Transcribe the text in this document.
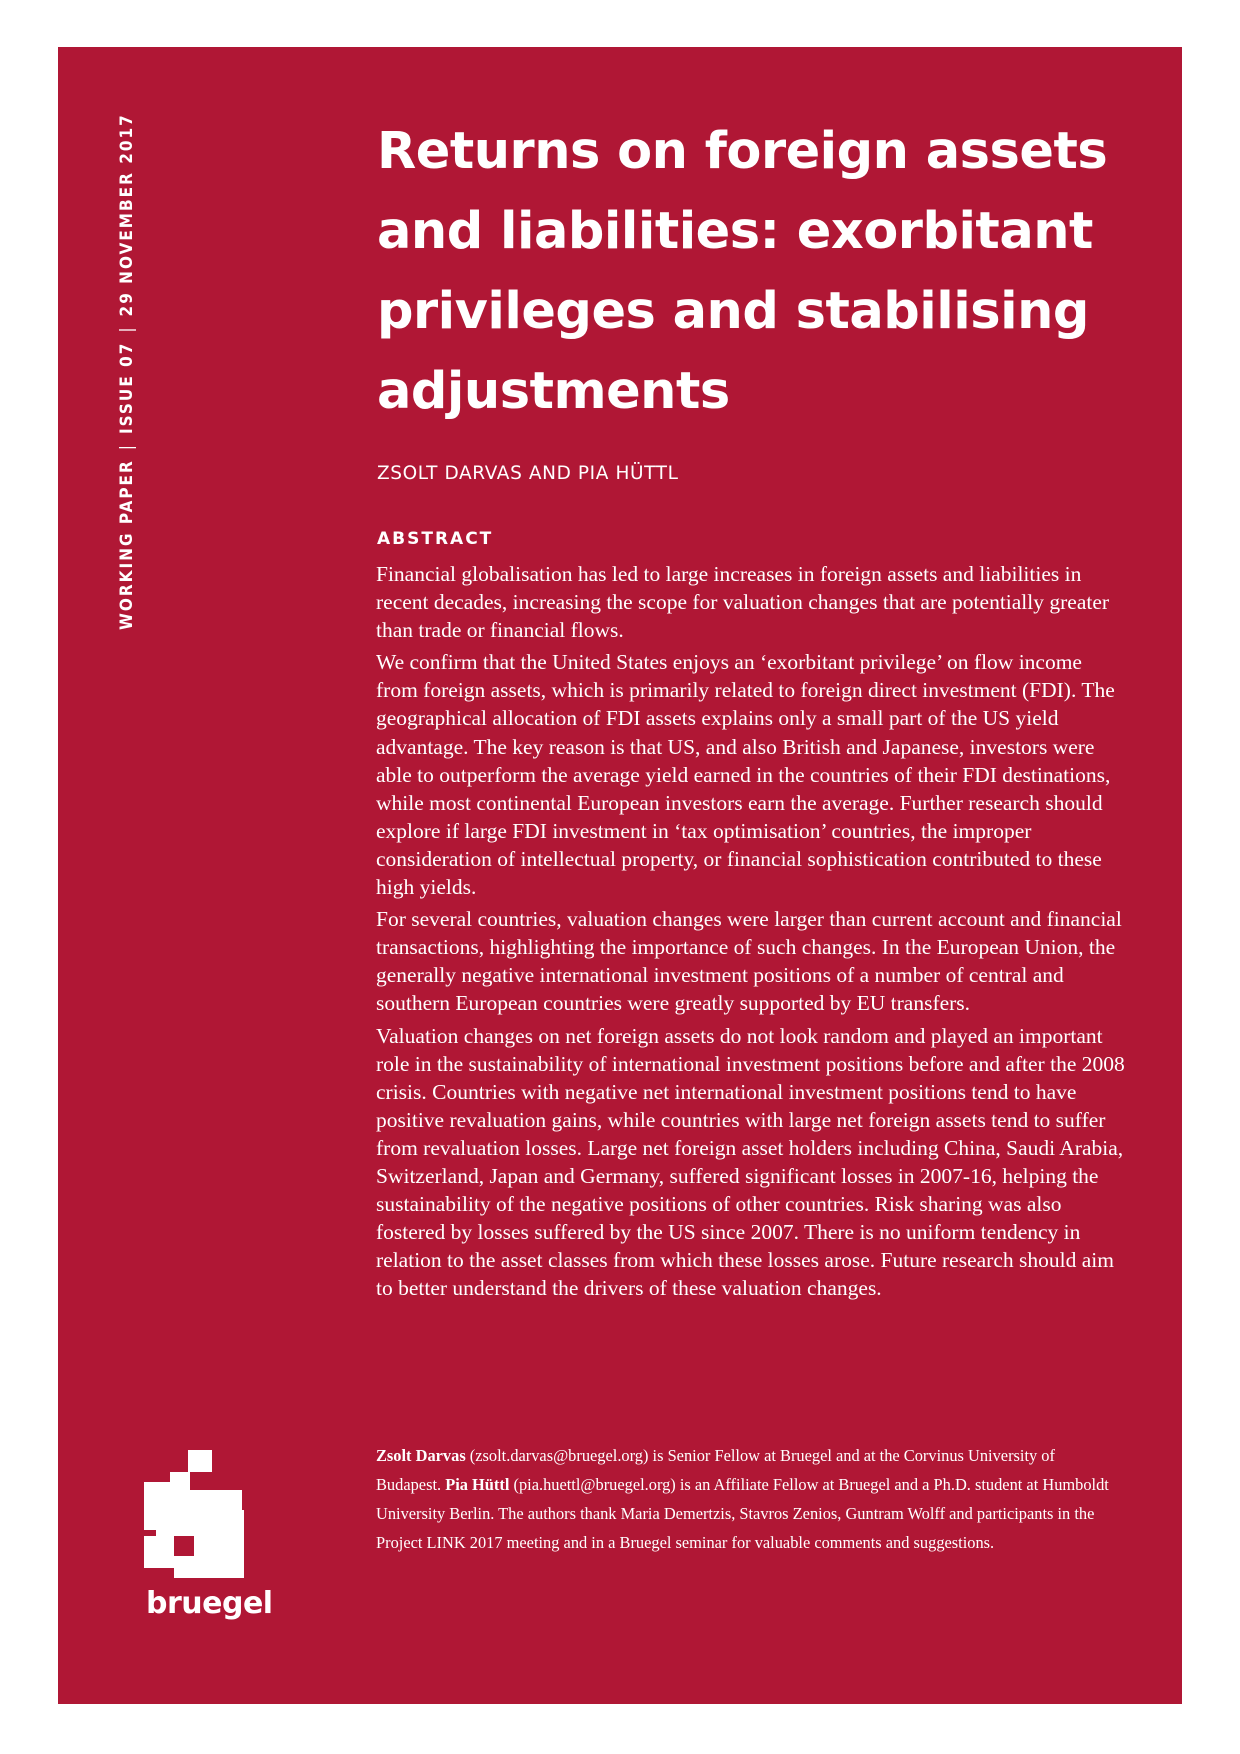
WORKING PAPER|ISSUE 07|29 NOVEMBER 2017	Returns on foreign assets and liabilities: exorbitant privileges and stabilising adjustments
ZSOLT DARVAS AND PIA HÜTTL
ABSTRACT

Financial globalisation has led to large increases in foreign assets and liabilities in recent decades, increasing the scope for valuation changes that are potentially greater than trade or financial flows.

We confirm that the United States enjoys an ‘exorbitant privilege’ on flow income from foreign assets, which is primarily related to foreign direct investment (FDI). The geographical allocation of FDI assets explains only a small part of the US yield advantage. The key reason is that US, and also British and Japanese, investors were able to outperform the average yield earned in the countries of their FDI destinations, while most continental European investors earn the average. Further research should explore if large FDI investment in ‘tax optimisation’ countries, the improper consideration of intellectual property, or financial sophistication contributed to these high yields.

For several countries, valuation changes were larger than current account and financial transactions, highlighting the importance of such changes. In the European Union, the generally negative international investment positions of a number of central and southern European countries were greatly supported by EU transfers.

Valuation changes on net foreign assets do not look random and played an important role in the sustainability of international investment positions before and after the 2008 crisis. Countries with negative net international investment positions tend to have positive revaluation gains, while countries with large net foreign assets tend to suffer from revaluation losses. Large net foreign asset holders including China, Saudi Arabia, Switzerland, Japan and Germany, suffered significant losses in 2007-16, helping the sustainability of the negative positions of other countries. Risk sharing was also fostered by losses suffered by the US since 2007. There is no uniform tendency in relation to the asset classes from which these losses arose. Future research should aim to better understand the drivers of these valuation changes.

Zsolt Darvas (zsolt.darvas@bruegel.org) is Senior Fellow at Bruegel and at the Corvinus University of Budapest. Pia Hüttl (pia.huettl@bruegel.org) is an Affiliate Fellow at Bruegel and a Ph.D. student at Humboldt University Berlin. The authors thank Maria Demertzis, Stavros Zenios, Guntram Wolff and participants in the Project LINK 2017 meeting and in a Bruegel seminar for valuable comments and suggestions.

bruegel
